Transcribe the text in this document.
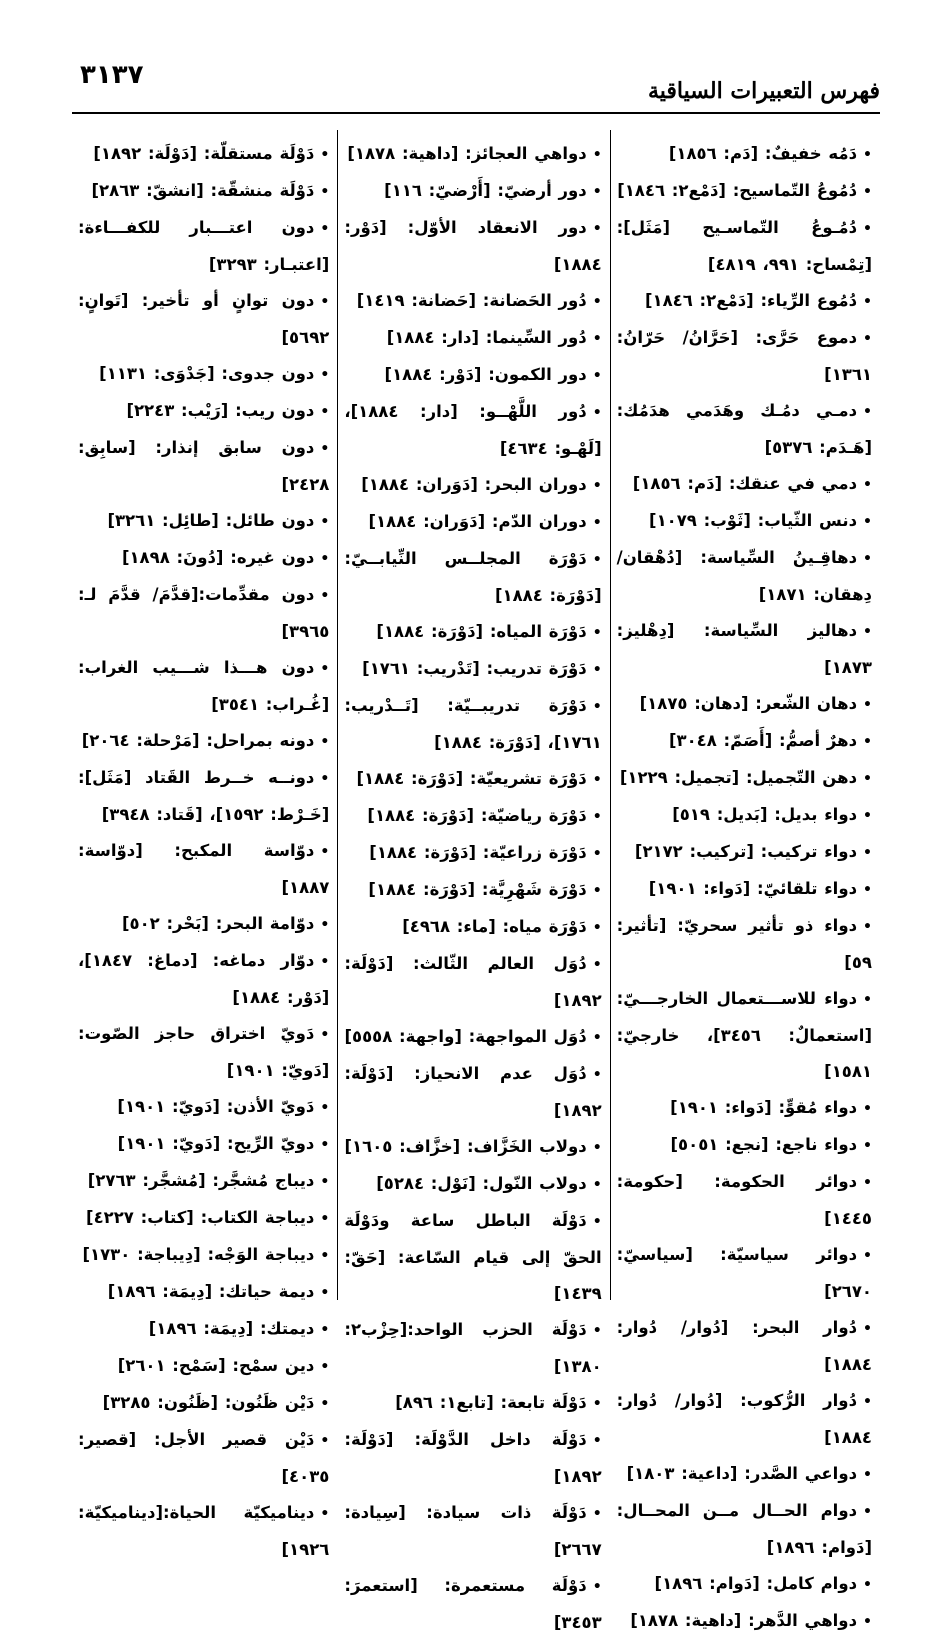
٣١٣٧
فهرس التعبيرات السياقية
•دَمُه خفيفٌ: [دَم: ١٨٥٦]
•دُمُوعُ التّماسيح: [دَمْع٢: ١٨٤٦]
•دُمُـوعُ التّماسـيح [مَثَل]: [تِمْساح: ٩٩١، ٤٨١٩]
•دُمُوع الرِّياء: [دَمْع٢: ١٨٤٦]
•دموع حَرَّى: [حَرَّانُ/ حَرّانُ: ١٣٦١]
•دمـي دمُـك وهَدَمي هدَمُك: [هَـدَم: ٥٣٧٦]
•دمي في عنقك: [دَم: ١٨٥٦]
•دنس الثّياب: [ثَوْب: ١٠٧٩]
•دهاقِـينُ السِّياسة: [دُهْقان/ دِهقان: ١٨٧١]
•دهاليز السِّياسة: [دِهْليز: ١٨٧٣]
•دهان الشّعر: [دهان: ١٨٧٥]
•دهرٌ أصمُّ: [أَصَمّ: ٣٠٤٨]
•دهن التّجميل: [تجميل: ١٢٢٩]
•دواء بديل: [بَديل: ٥١٩]
•دواء تركيب: [تركيب: ٢١٧٢]
•دواء تلقائيّ: [دَواء: ١٩٠١]
•دواء ذو تأثير سحريّ: [تأثير: ٥٩]
•دواء للاســـتعمال الخارجـــيّ: [استعمالٌ: ٣٤٥٦]، خارجيّ: ١٥٨١]
•دواء مُقوٍّ: [دَواء: ١٩٠١]
•دواء ناجع: [نجع: ٥٠٥١]
•دوائر الحكومة: [حكومة: ١٤٤٥]
•دوائر سياسيّة: [سياسيّ: ٢٦٧٠]
•دُوار البحر: [دُوار/ دُوار: ١٨٨٤]
•دُوار الرُّكوب: [دُوار/ دُوار: ١٨٨٤]
•دواعي الصَّدر: [داعية: ١٨٠٣]
•دوام الحــال مــن المحــال: [دَوام: ١٨٩٦]
•دوام كامل: [دَوام: ١٨٩٦]
•دواهي الدَّهر: [داهية: ١٨٧٨]
•دواهي العجائز: [داهية: ١٨٧٨]
•دور أرضيّ: [أَرْضيّ: ١١٦]
•دور الانعقاد الأوّل: [دَوْر: ١٨٨٤]
•دُور الحَضانة: [حَضانة: ١٤١٩]
•دُور السِّينما: [دار: ١٨٨٤]
•دور الكمون: [دَوْر: ١٨٨٤]
•دُور اللَّهْــو: [دار: ١٨٨٤]، [لَهْـو: ٤٦٣٤]
•دوران البحر: [دَوَران: ١٨٨٤]
•دوران الدّم: [دَوَران: ١٨٨٤]
•دَوْرَة المجلــس النِّيابــيّ: [دَوْرَة: ١٨٨٤]
•دَوْرَة المياه: [دَوْرَة: ١٨٨٤]
•دَوْرَة تدريب: [تَدْريب: ١٧٦١]
•دَوْرَة تدريبــيّة: [تَــدْريب: ١٧٦١]، [دَوْرَة: ١٨٨٤]
•دَوْرَة تشريعيّة: [دَوْرَة: ١٨٨٤]
•دَوْرَة رياضيّة: [دَوْرَة: ١٨٨٤]
•دَوْرَة زراعيّة: [دَوْرَة: ١٨٨٤]
•دَوْرَة شَهْرِيَّة: [دَوْرَة: ١٨٨٤]
•دَوْرَة مياه: [ماء: ٤٩٦٨]
•دُوَل العالم الثّالث: [دَوْلَة: ١٨٩٢]
•دُوَل المواجهة: [واجهة: ٥٥٥٨]
•دُوَل عدم الانحياز: [دَوْلَة: ١٨٩٢]
•دولاب الخَزَّاف: [خزَّاف: ١٦٠٥]
•دولاب النّول: [نَوْل: ٥٢٨٤]
•دَوْلَة الباطل ساعة ودَوْلَة الحقّ إلى قيام السّاعة: [حَقّ: ١٤٣٩]
•دَوْلَة الحزب الواحد:[حِزْب٢: ١٣٨٠]
•دَوْلَة تابعة: [تابع١: ٨٩٦]
•دَوْلَة داخل الدَّوْلَة: [دَوْلَة: ١٨٩٢]
•دَوْلَة ذات سيادة: [سِيادة: ٢٦٦٧]
•دَوْلَة مستعمرة: [استعمرَ: ٣٤٥٣]
•دَوْلَة مستقلّة: [دَوْلَة: ١٨٩٢]
•دَوْلَة منشقّة: [انشقّ: ٢٨٦٣]
•دون اعتـــبار للكفـــاءة: [اعتبـار: ٣٢٩٣]
•دون توانٍ أو تأخير: [تَوانٍ: ٥٦٩٢]
•دون جدوى: [جَدْوَى: ١١٣١]
•دون ريب: [رَيْب: ٢٢٤٣]
•دون سابق إنذار: [سابِق: ٢٤٢٨]
•دون طائل: [طائِل: ٣٢٦١]
•دون غيره: [دُونَ: ١٨٩٨]
•دون مقدِّمات:[قدَّمَ/ قدَّمَ لـ: ٣٩٦٥]
•دون هـــذا شـــيب الغراب: [غُـراب: ٣٥٤١]
•دونه بمراحل: [مَرْحلة: ٢٠٦٤]
•دونــه خــرط القَتاد [مَثَل]: [خَـرْط: ١٥٩٢]، [قَتاد: ٣٩٤٨]
•دوّاسة المكبح: [دوّاسة: ١٨٨٧]
•دوّامة البحر: [بَحْر: ٥٠٢]
•دوّار دماغه: [دماغ: ١٨٤٧]، [دَوْر: ١٨٨٤]
•دَويّ اختراق حاجز الصّوت: [دَويّ: ١٩٠١]
•دَويّ الأذن: [دَويّ: ١٩٠١]
•دويّ الرِّيح: [دَويّ: ١٩٠١]
•ديباج مُشجَّر: [مُشجَّر: ٢٧٦٣]
•ديباجة الكتاب: [كتاب: ٤٢٢٧]
•ديباجة الوَجْه: [دِيباجة: ١٧٣٠]
•ديمة حياتك: [دِيمَة: ١٨٩٦]
•ديمتك: [دِيمَة: ١٨٩٦]
•دين سمْح: [سَمْح: ٢٦٠١]
•دَيْن ظَنُون: [ظَنُون: ٣٢٨٥]
•دَيْن قصير الأجل: [قصير: ٤٠٣٥]
•ديناميكيّة الحياة:[ديناميكيّة: ١٩٢٦]
